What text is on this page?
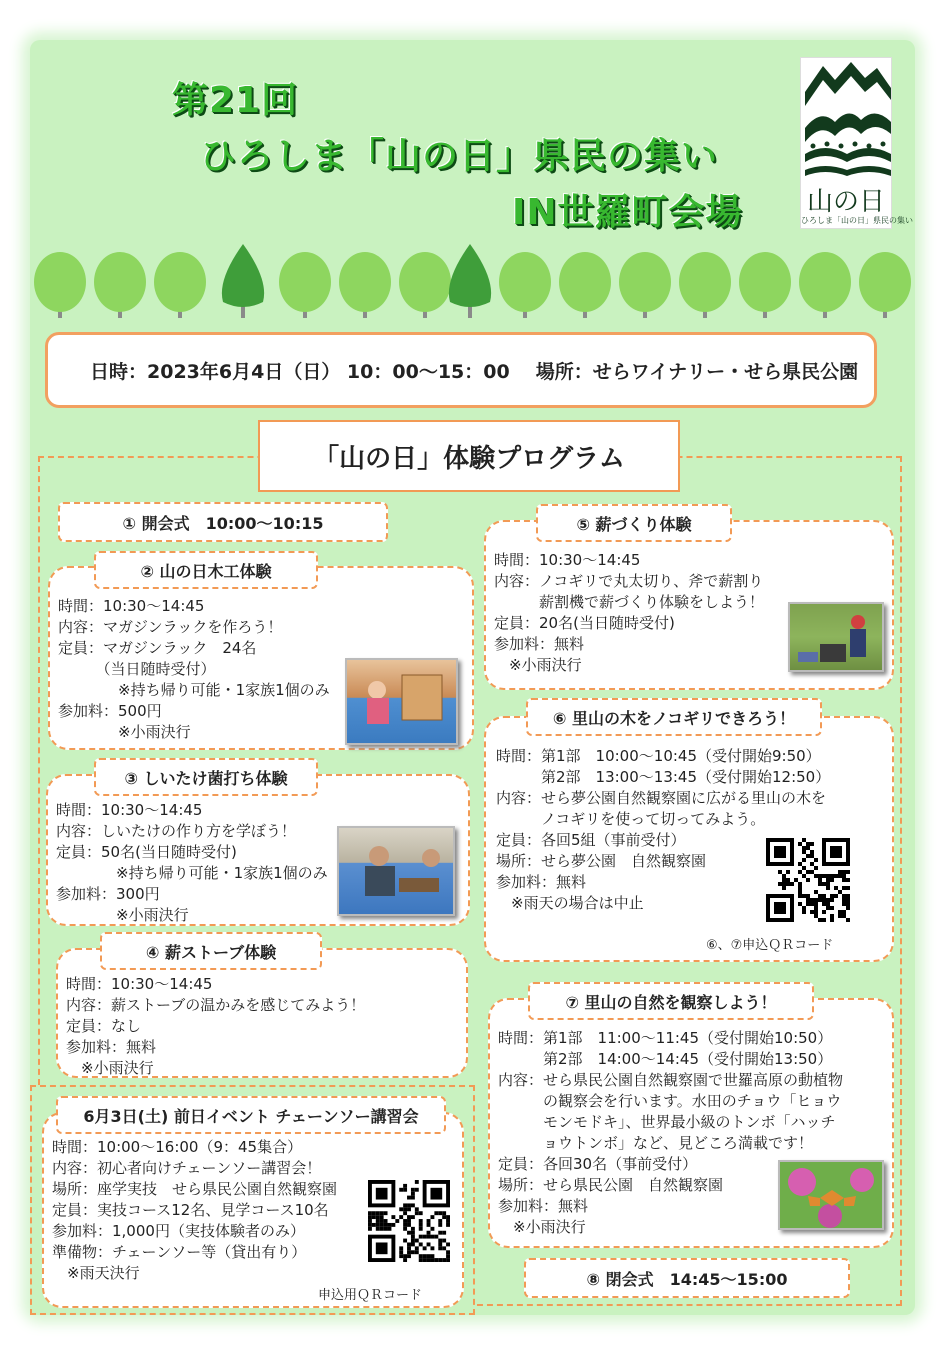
第21回
ひろしま「山の日」県民の集い
IN世羅町会場 山の日
ひろしま「山の日」県民の集い
日時：2023年6月4日（日） 10：00～15：00 場所：せらワイナリー・せら県民公園
「山の日」体験プログラム
① 開会式　10:00～10:15
② 山の日木工体験
時間：10:30～14:45
内容：マガジンラックを作ろう！
定員：マガジンラック　24名
　　　（当日随時受付）
　　　　※持ち帰り可能・1家族1個のみ
参加料：500円
　　　　※小雨決行
③ しいたけ菌打ち体験
時間：10:30～14:45
内容：しいたけの作り方を学ぼう！
定員：50名(当日随時受付)
　　　　※持ち帰り可能・1家族1個のみ
参加料：300円
　　　　※小雨決行
④ 薪ストーブ体験
時間：10:30～14:45
内容：薪ストーブの温かみを感じてみよう！
定員：なし
参加料：無料
　※小雨決行
⑤ 薪づくり体験
時間：10:30～14:45
内容：ノコギリで丸太切り、斧で薪割り
　　　薪割機で薪づくり体験をしよう！
定員：20名(当日随時受付)
参加料：無料
　※小雨決行
⑥ 里山の木をノコギリできろう！
時間：第1部　10:00～10:45（受付開始9:50）
　　　第2部　13:00～13:45（受付開始12:50）
内容：せら夢公園自然観察園に広がる里山の木を
　　　ノコギリを使って切ってみよう。
定員：各回5組（事前受付）
場所：せら夢公園　自然観察園
参加料：無料
　※雨天の場合は中止
⑥、⑦申込ＱＲコード
⑦ 里山の自然を観察しよう！
時間：第1部　11:00～11:45（受付開始10:50）
　　　第2部　14:00～14:45（受付開始13:50）
内容：せら県民公園自然観察園で世羅高原の動植物
　　　の観察会を行います。水田のチョウ「ヒョウ
　　　モンモドキ」、世界最小級のトンボ「ハッチ
　　　ョウトンボ」など、見どころ満載です！
定員：各回30名（事前受付）
場所：せら県民公園　自然観察園
参加料：無料
　※小雨決行
⑧ 閉会式　14:45～15:00
6月3日(土) 前日イベント チェーンソー講習会
時間：10:00～16:00（9：45集合）
内容：初心者向けチェーンソー講習会！
場所：座学実技　せら県民公園自然観察園
定員：実技コース12名、見学コース10名
参加料：1,000円（実技体験者のみ）
準備物：チェーンソー等（貸出有り）
　※雨天決行
申込用ＱＲコード
